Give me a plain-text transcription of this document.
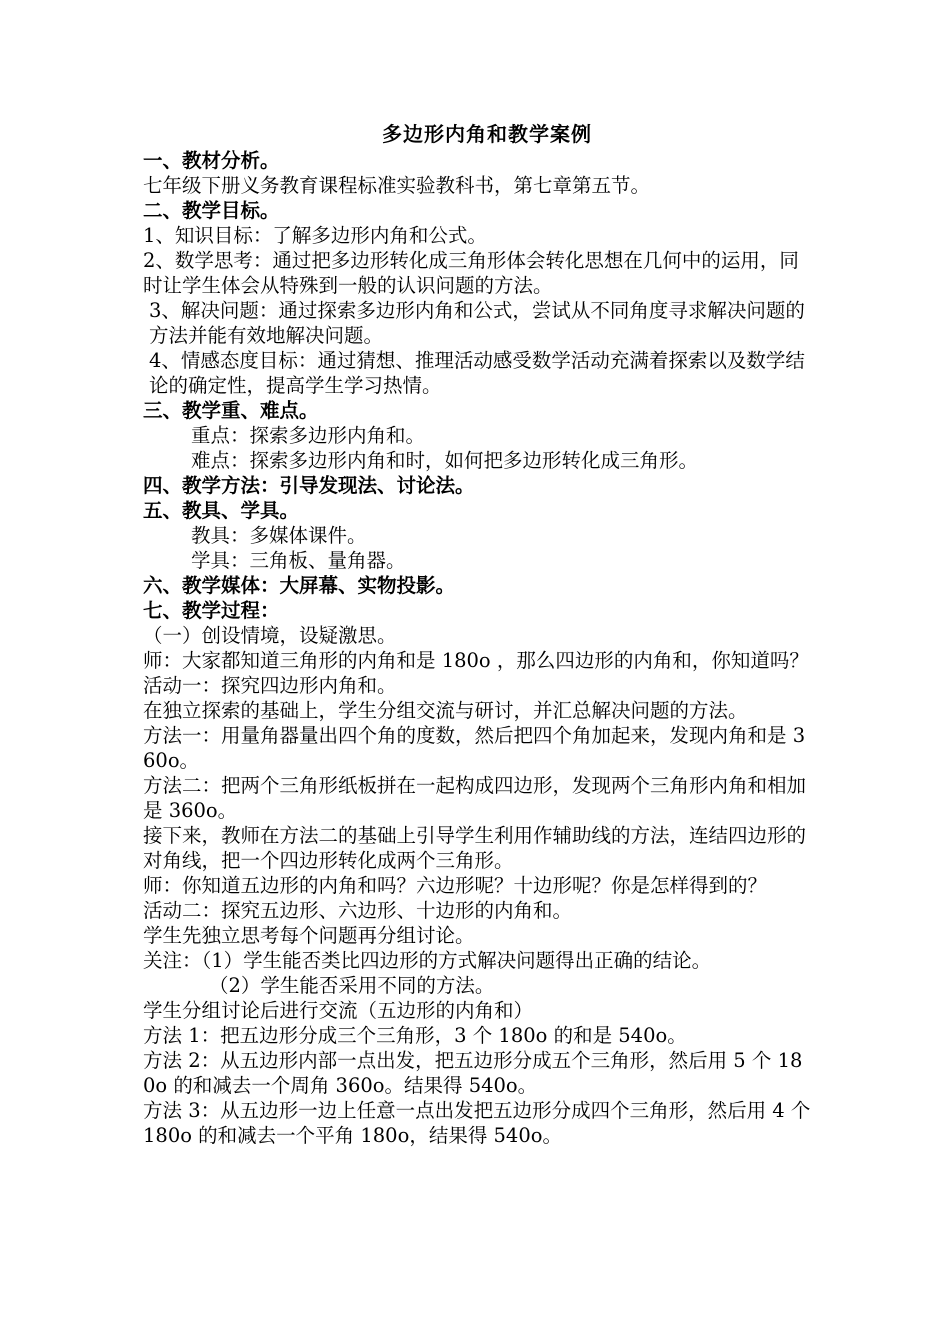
多边形内角和教学案例

一、教材分析。

七年级下册义务教育课程标准实验教科书，第七章第五节。

二、教学目标。

1、知识目标：了解多边形内角和公式。

2、数学思考：通过把多边形转化成三角形体会转化思想在几何中的运用，同时让学生体会从特殊到一般的认识问题的方法。

3、解决问题：通过探索多边形内角和公式，尝试从不同角度寻求解决问题的方法并能有效地解决问题。

4、情感态度目标：通过猜想、推理活动感受数学活动充满着探索以及数学结论的确定性，提高学生学习热情。

三、教学重、难点。

重点：探索多边形内角和。

难点：探索多边形内角和时，如何把多边形转化成三角形。

四、教学方法：引导发现法、讨论法。

五、教具、学具。

教具：多媒体课件。

学具：三角板、量角器。

六、教学媒体：大屏幕、实物投影。

七、教学过程：

（一）创设情境，设疑激思。

师：大家都知道三角形的内角和是 180o ，那么四边形的内角和，你知道吗？

活动一：探究四边形内角和。

在独立探索的基础上，学生分组交流与研讨，并汇总解决问题的方法。

方法一：用量角器量出四个角的度数，然后把四个角加起来，发现内角和是 360o。

方法二：把两个三角形纸板拼在一起构成四边形，发现两个三角形内角和相加是 360o。

接下来，教师在方法二的基础上引导学生利用作辅助线的方法，连结四边形的对角线，把一个四边形转化成两个三角形。

师：你知道五边形的内角和吗？六边形呢？十边形呢？你是怎样得到的？

活动二：探究五边形、六边形、十边形的内角和。

学生先独立思考每个问题再分组讨论。

关注：（1）学生能否类比四边形的方式解决问题得出正确的结论。

（2）学生能否采用不同的方法。

学生分组讨论后进行交流（五边形的内角和）

方法 1：把五边形分成三个三角形，3 个 180o 的和是 540o。

方法 2：从五边形内部一点出发，把五边形分成五个三角形，然后用 5 个 180o 的和减去一个周角 360o。结果得 540o。

方法 3：从五边形一边上任意一点出发把五边形分成四个三角形，然后用 4 个 180o 的和减去一个平角 180o，结果得 540o。
